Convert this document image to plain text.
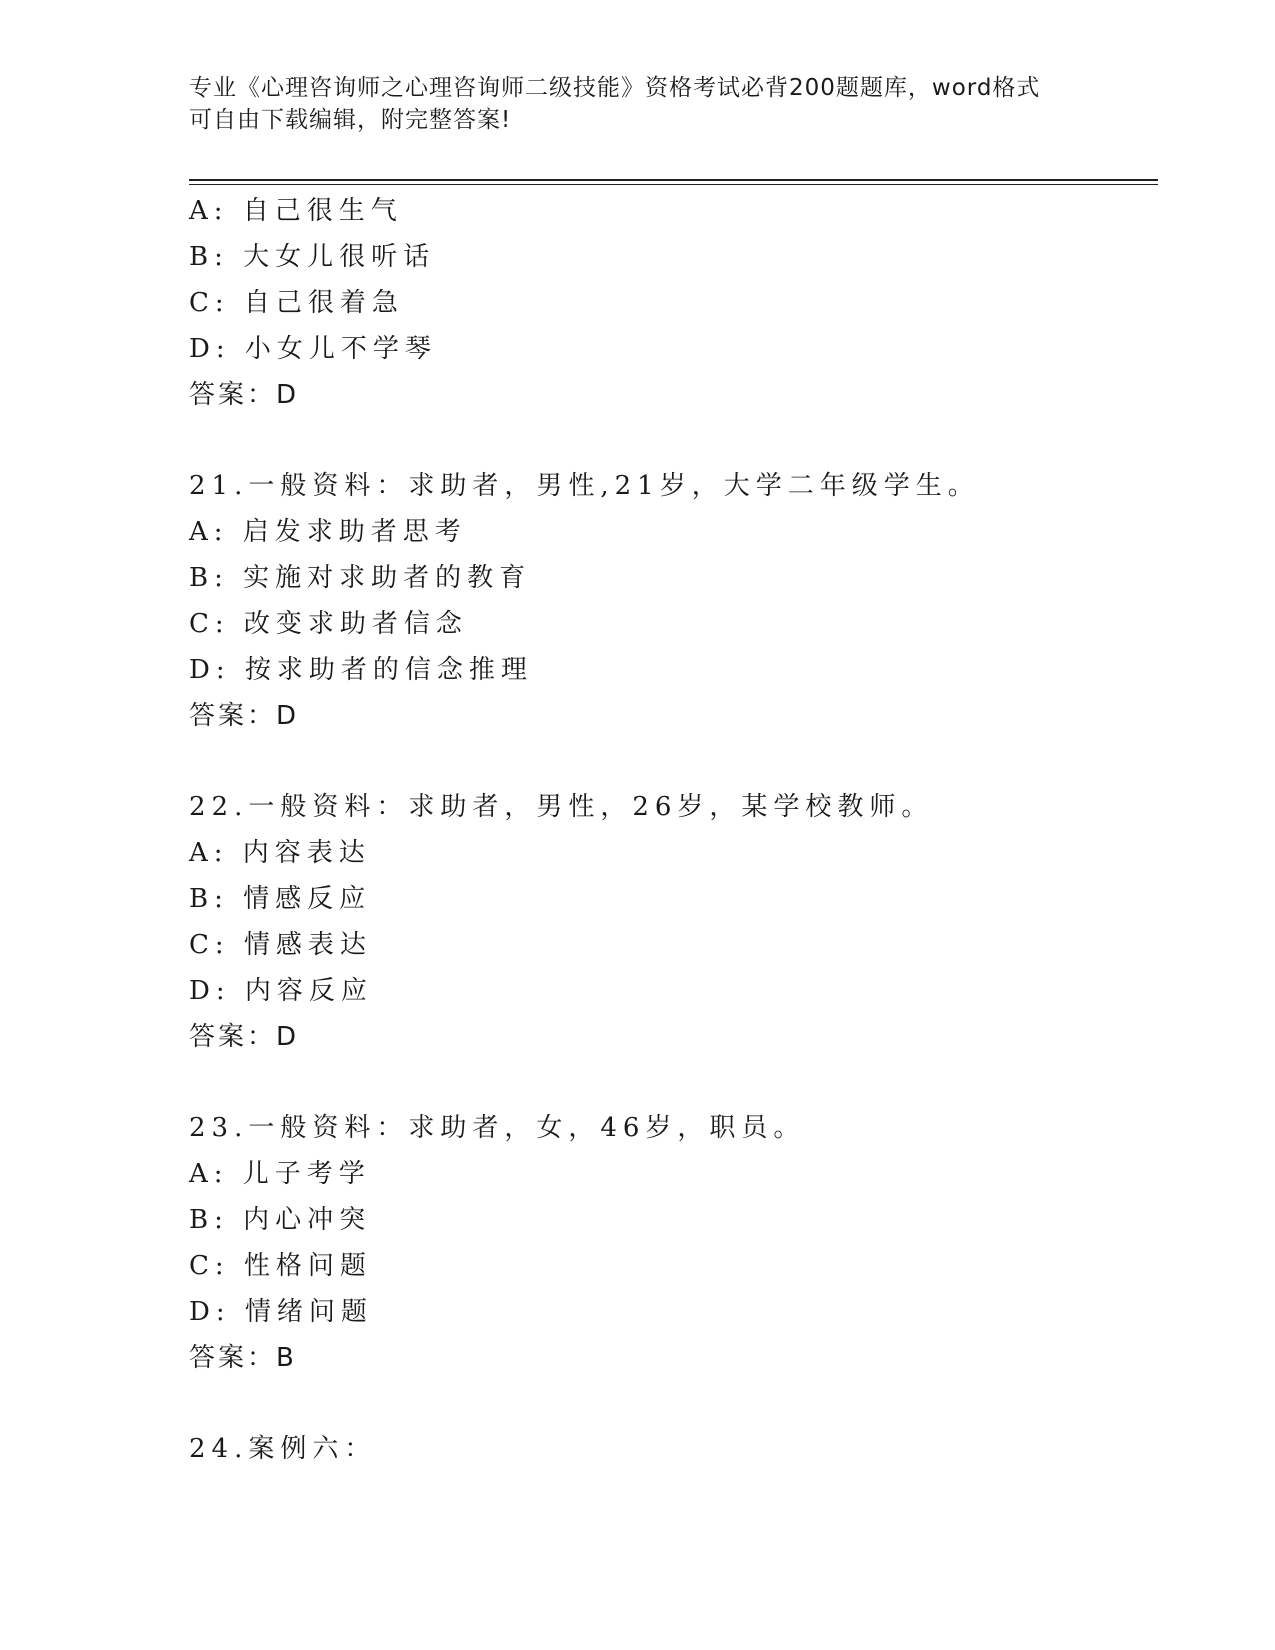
专业《心理咨询师之心理咨询师二级技能》资格考试必背200题题库，word格式
可自由下载编辑，附完整答案!
A: 自己很生气
B: 大女儿很听话
C: 自己很着急
D: 小女儿不学琴
答案：D
21.一般资料：求助者，男性,21岁，大学二年级学生。
A: 启发求助者思考
B: 实施对求助者的教育
C: 改变求助者信念
D: 按求助者的信念推理
答案：D
22.一般资料：求助者，男性，26岁，某学校教师。
A: 内容表达
B: 情感反应
C: 情感表达
D: 内容反应
答案：D
23.一般资料：求助者，女，46岁，职员。
A: 儿子考学
B: 内心冲突
C: 性格问题
D: 情绪问题
答案：B
24.案例六：
